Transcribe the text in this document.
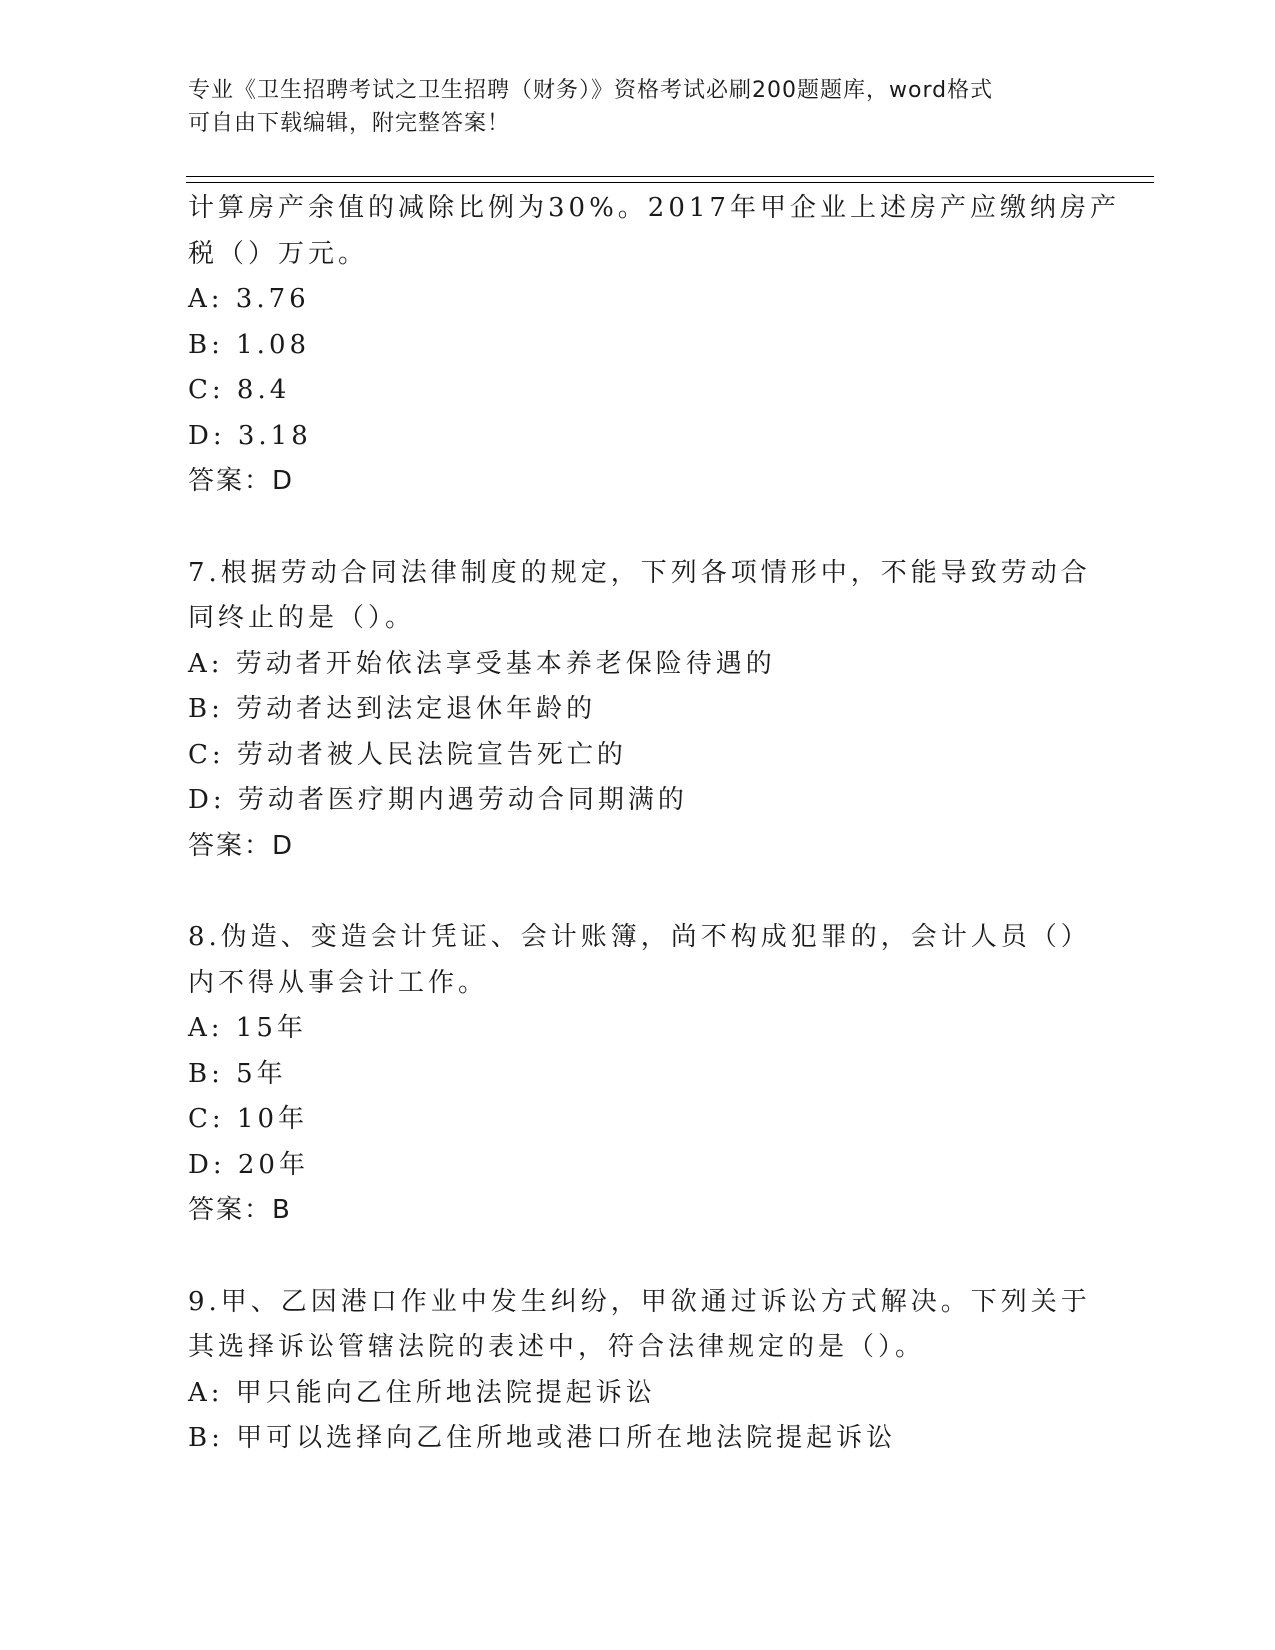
专业《卫生招聘考试之卫生招聘（财务）》资格考试必刷200题题库，word格式
可自由下载编辑，附完整答案！
计算房产余值的减除比例为30%。2017年甲企业上述房产应缴纳房产
税（）万元。
A: 3.76
B: 1.08
C: 8.4
D: 3.18
答案：D
7.根据劳动合同法律制度的规定，下列各项情形中，不能导致劳动合
同终止的是（）。
A: 劳动者开始依法享受基本养老保险待遇的
B: 劳动者达到法定退休年龄的
C: 劳动者被人民法院宣告死亡的
D: 劳动者医疗期内遇劳动合同期满的
答案：D
8.伪造、变造会计凭证、会计账簿，尚不构成犯罪的，会计人员（）
内不得从事会计工作。
A: 15年
B: 5年
C: 10年
D: 20年
答案：B
9.甲、乙因港口作业中发生纠纷，甲欲通过诉讼方式解决。下列关于
其选择诉讼管辖法院的表述中，符合法律规定的是（）。
A: 甲只能向乙住所地法院提起诉讼
B: 甲可以选择向乙住所地或港口所在地法院提起诉讼
